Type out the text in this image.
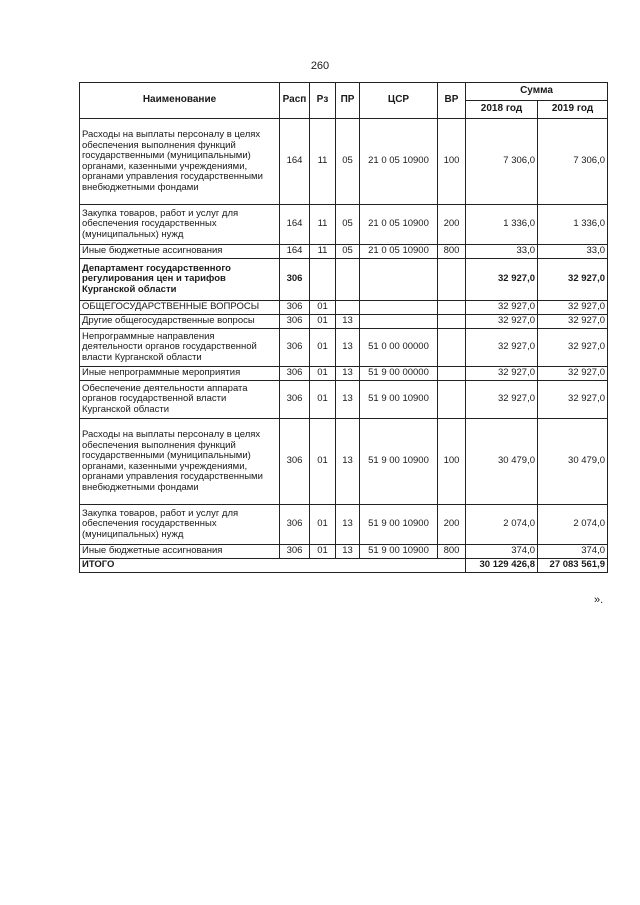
260
Наименование	Расп	Рз	ПР	ЦСР	ВР	Сумма	
						2018 год	2019 год
Расходы на выплаты персоналу в целях обеспечения выполнения функций государственными (муниципальными) органами, казенными учреждениями, органами управления государственными внебюджетными фондами	164	11	05	21 0 05 10900	100	7 306,0	7 306,0
Закупка товаров, работ и услуг для обеспечения государственных (муниципальных) нужд	164	11	05	21 0 05 10900	200	1 336,0	1 336,0
Иные бюджетные ассигнования	164	11	05	21 0 05 10900	800	33,0	33,0
Департамент государственного регулирования цен и тарифов Курганской области	306					32 927,0	32 927,0
ОБЩЕГОСУДАРСТВЕННЫЕ ВОПРОСЫ	306	01				32 927,0	32 927,0
Другие общегосударственные вопросы	306	01	13			32 927,0	32 927,0
Непрограммные направления деятельности органов государственной власти Курганской области	306	01	13	51 0 00 00000		32 927,0	32 927,0
Иные непрограммные мероприятия	306	01	13	51 9 00 00000		32 927,0	32 927,0
Обеспечение деятельности аппарата органов государственной власти Курганской области	306	01	13	51 9 00 10900		32 927,0	32 927,0
Расходы на выплаты персоналу в целях обеспечения выполнения функций государственными (муниципальными) органами, казенными учреждениями, органами управления государственными внебюджетными фондами	306	01	13	51 9 00 10900	100	30 479,0	30 479,0
Закупка товаров, работ и услуг для обеспечения государственных (муниципальных) нужд	306	01	13	51 9 00 10900	200	2 074,0	2 074,0
Иные бюджетные ассигнования	306	01	13	51 9 00 10900	800	374,0	374,0
ИТОГО						30 129 426,8	27 083 561,9
».
